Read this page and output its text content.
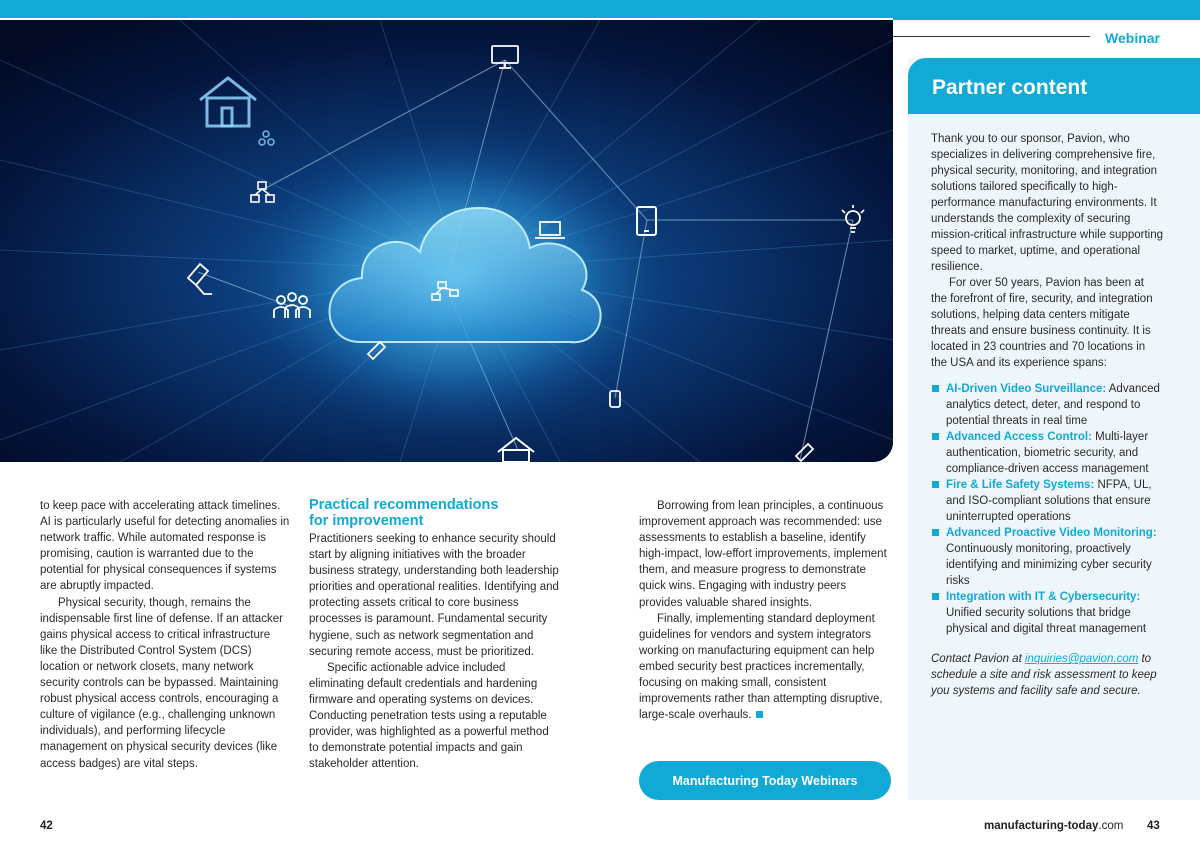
Webinar

to keep pace with accelerating attack timelines. AI is particularly useful for detecting anomalies in network traffic. While automated response is promising, caution is warranted due to the potential for physical consequences if systems are abruptly impacted.

Physical security, though, remains the indispensable first line of defense. If an attacker gains physical access to critical infrastructure like the Distributed Control System (DCS) location or network closets, many network security controls can be bypassed. Maintaining robust physical access controls, encouraging a culture of vigilance (e.g., challenging unknown individuals), and performing lifecycle management on physical security devices (like access badges) are vital steps.

Practical recommendations
for improvement

Practitioners seeking to enhance security should start by aligning initiatives with the broader business strategy, understanding both leadership priorities and operational realities. Identifying and protecting assets critical to core business processes is paramount. Fundamental security hygiene, such as network segmentation and securing remote access, must be prioritized.

Specific actionable advice included eliminating default credentials and hardening firmware and operating systems on devices. Conducting penetration tests using a reputable provider, was highlighted as a powerful method to demonstrate potential impacts and gain stakeholder attention.

Borrowing from lean principles, a continuous improvement approach was recommended: use assessments to establish a baseline, identify high-impact, low-effort improvements, implement them, and measure progress to demonstrate quick wins. Engaging with industry peers provides valuable shared insights.

Finally, implementing standard deployment guidelines for vendors and system integrators working on manufacturing equipment can help embed security best practices incrementally, focusing on making small, consistent improvements rather than attempting disruptive, large-scale overhauls.

Manufacturing Today Webinars
Partner content

Thank you to our sponsor, Pavion, who specializes in delivering comprehensive fire, physical security, monitoring, and integration solutions tailored specifically to high-performance manufacturing environments. It understands the complexity of securing mission-critical infrastructure while supporting speed to market, uptime, and operational resilience.

For over 50 years, Pavion has been at the forefront of fire, security, and integration solutions, helping data centers mitigate threats and ensure business continuity. It is located in 23 countries and 70 locations in the USA and its experience spans:

AI-Driven Video Surveillance: Advanced analytics detect, deter, and respond to potential threats in real time
Advanced Access Control: Multi-layer authentication, biometric security, and compliance-driven access management
Fire & Life Safety Systems: NFPA, UL, and ISO-compliant solutions that ensure uninterrupted operations
Advanced Proactive Video Monitoring: Continuously monitoring, proactively identifying and minimizing cyber security risks
Integration with IT & Cybersecurity: Unified security solutions that bridge physical and digital threat management

Contact Pavion at inquiries@pavion.com to schedule a site and risk assessment to keep you systems and facility safe and secure.

42	manufacturing-today.com 43
